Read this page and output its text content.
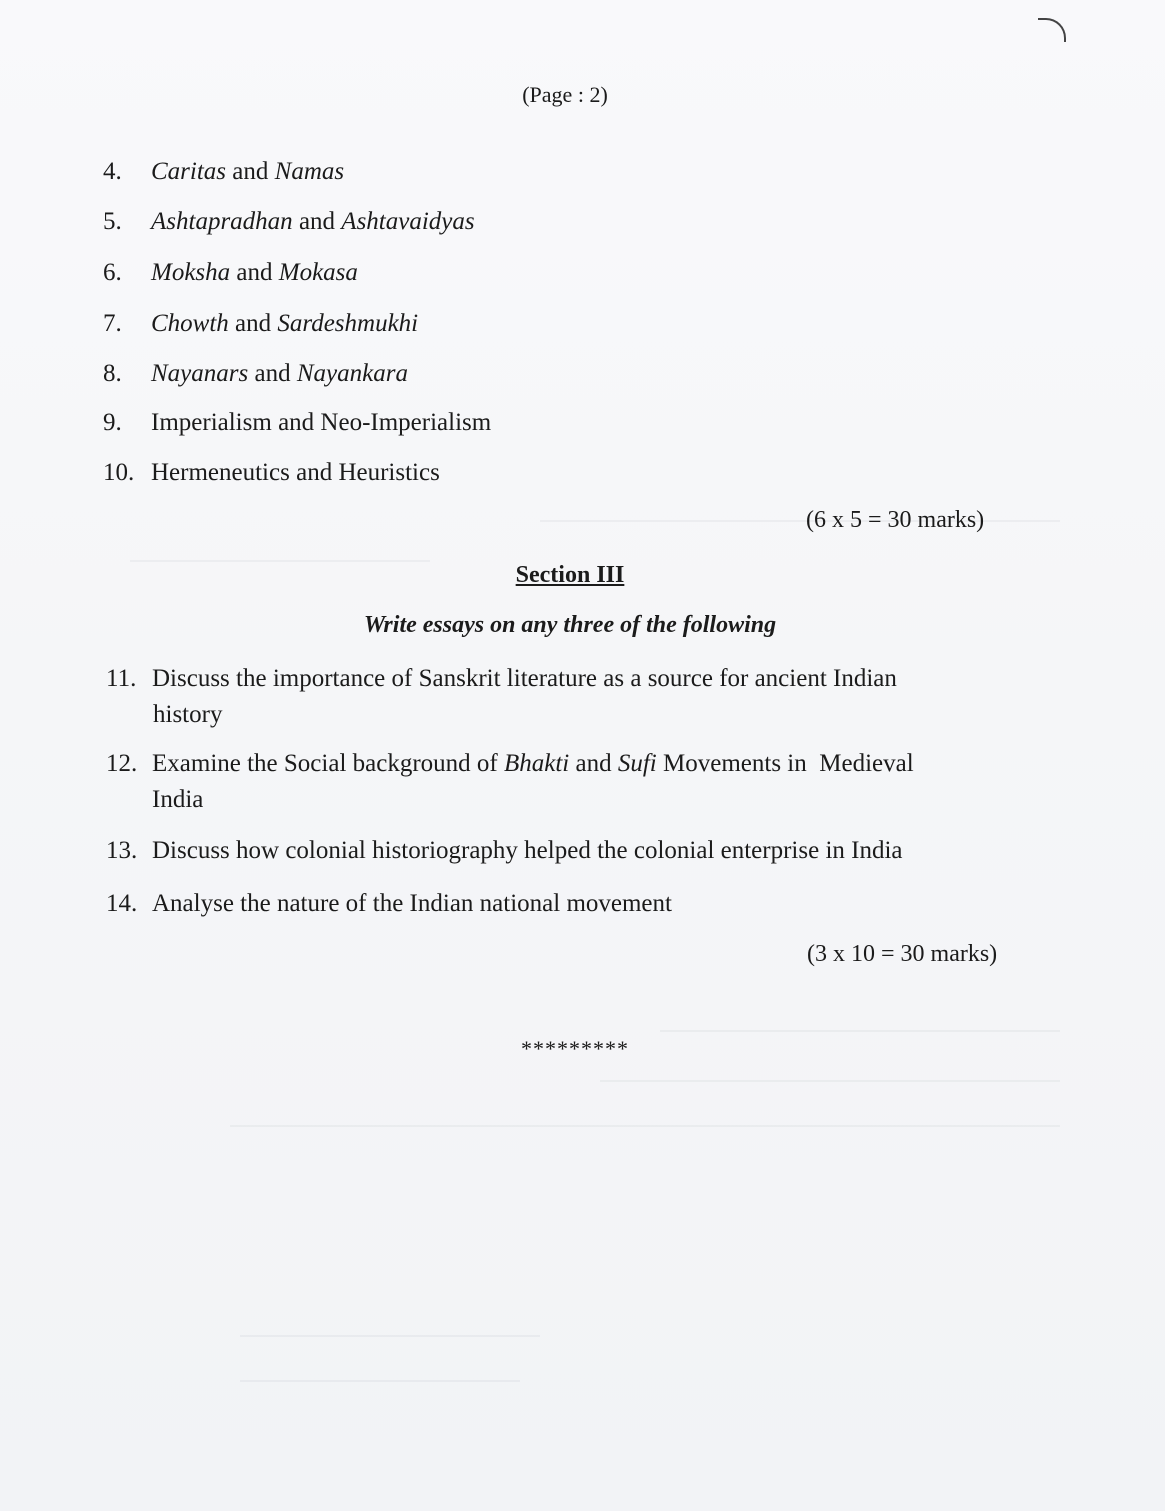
(Page : 2)
4. Caritas and Namas
5. Ashtapradhan and Ashtavaidyas
6. Moksha and Mokasa
7. Chowth and Sardeshmukhi
8. Nayanars and Nayankara
9. Imperialism and Neo-Imperialism
10. Hermeneutics and Heuristics
(6 x 5 = 30 marks)
Section III
Write essays on any three of the following
11. Discuss the importance of Sanskrit literature as a source for ancient Indian
history
12. Examine the Social background of Bhakti and Sufi Movements in  Medieval
India
13. Discuss how colonial historiography helped the colonial enterprise in India
14. Analyse the nature of the Indian national movement
(3 x 10 = 30 marks)
*********
